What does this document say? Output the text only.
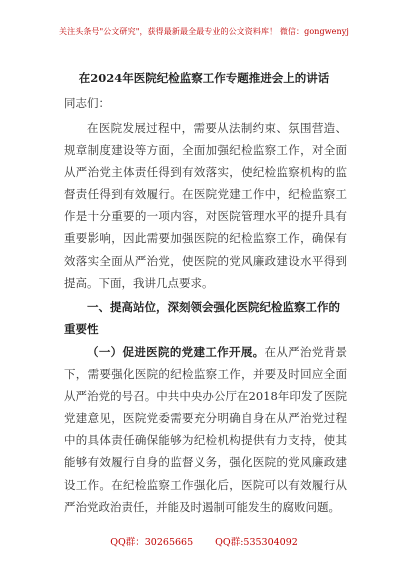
关注头条号"公文研究"，获得最新最全最专业的公文资料库！ 微信：gongwenyj
在2024年医院纪检监察工作专题推进会上的讲话
同志们：
在医院发展过程中，需要从法制约束、氛围营造、规章制度建设等方面，全面加强纪检监察工作，对全面从严治党主体责任得到有效落实，使纪检监察机构的监督责任得到有效履行。在医院党建工作中，纪检监察工作是十分重要的一项内容，对医院管理水平的提升具有重要影响，因此需要加强医院的纪检监察工作，确保有效落实全面从严治党，使医院的党风廉政建设水平得到提高。下面，我讲几点要求。
一、提高站位，深刻领会强化医院纪检监察工作的重要性
（一）促进医院的党建工作开展。在从严治党背景下，需要强化医院的纪检监察工作，并要及时回应全面从严治党的号召。中共中央办公厅在2018年印发了医院党建意见，医院党委需要充分明确自身在从严治党过程中的具体责任确保能够为纪检机构提供有力支持，使其能够有效履行自身的监督义务，强化医院的党风廉政建设工作。在纪检监察工作强化后，医院可以有效履行从严治党政治责任，并能及时遏制可能发生的腐败问题。
QQ群：30265665 QQ群:535304092
